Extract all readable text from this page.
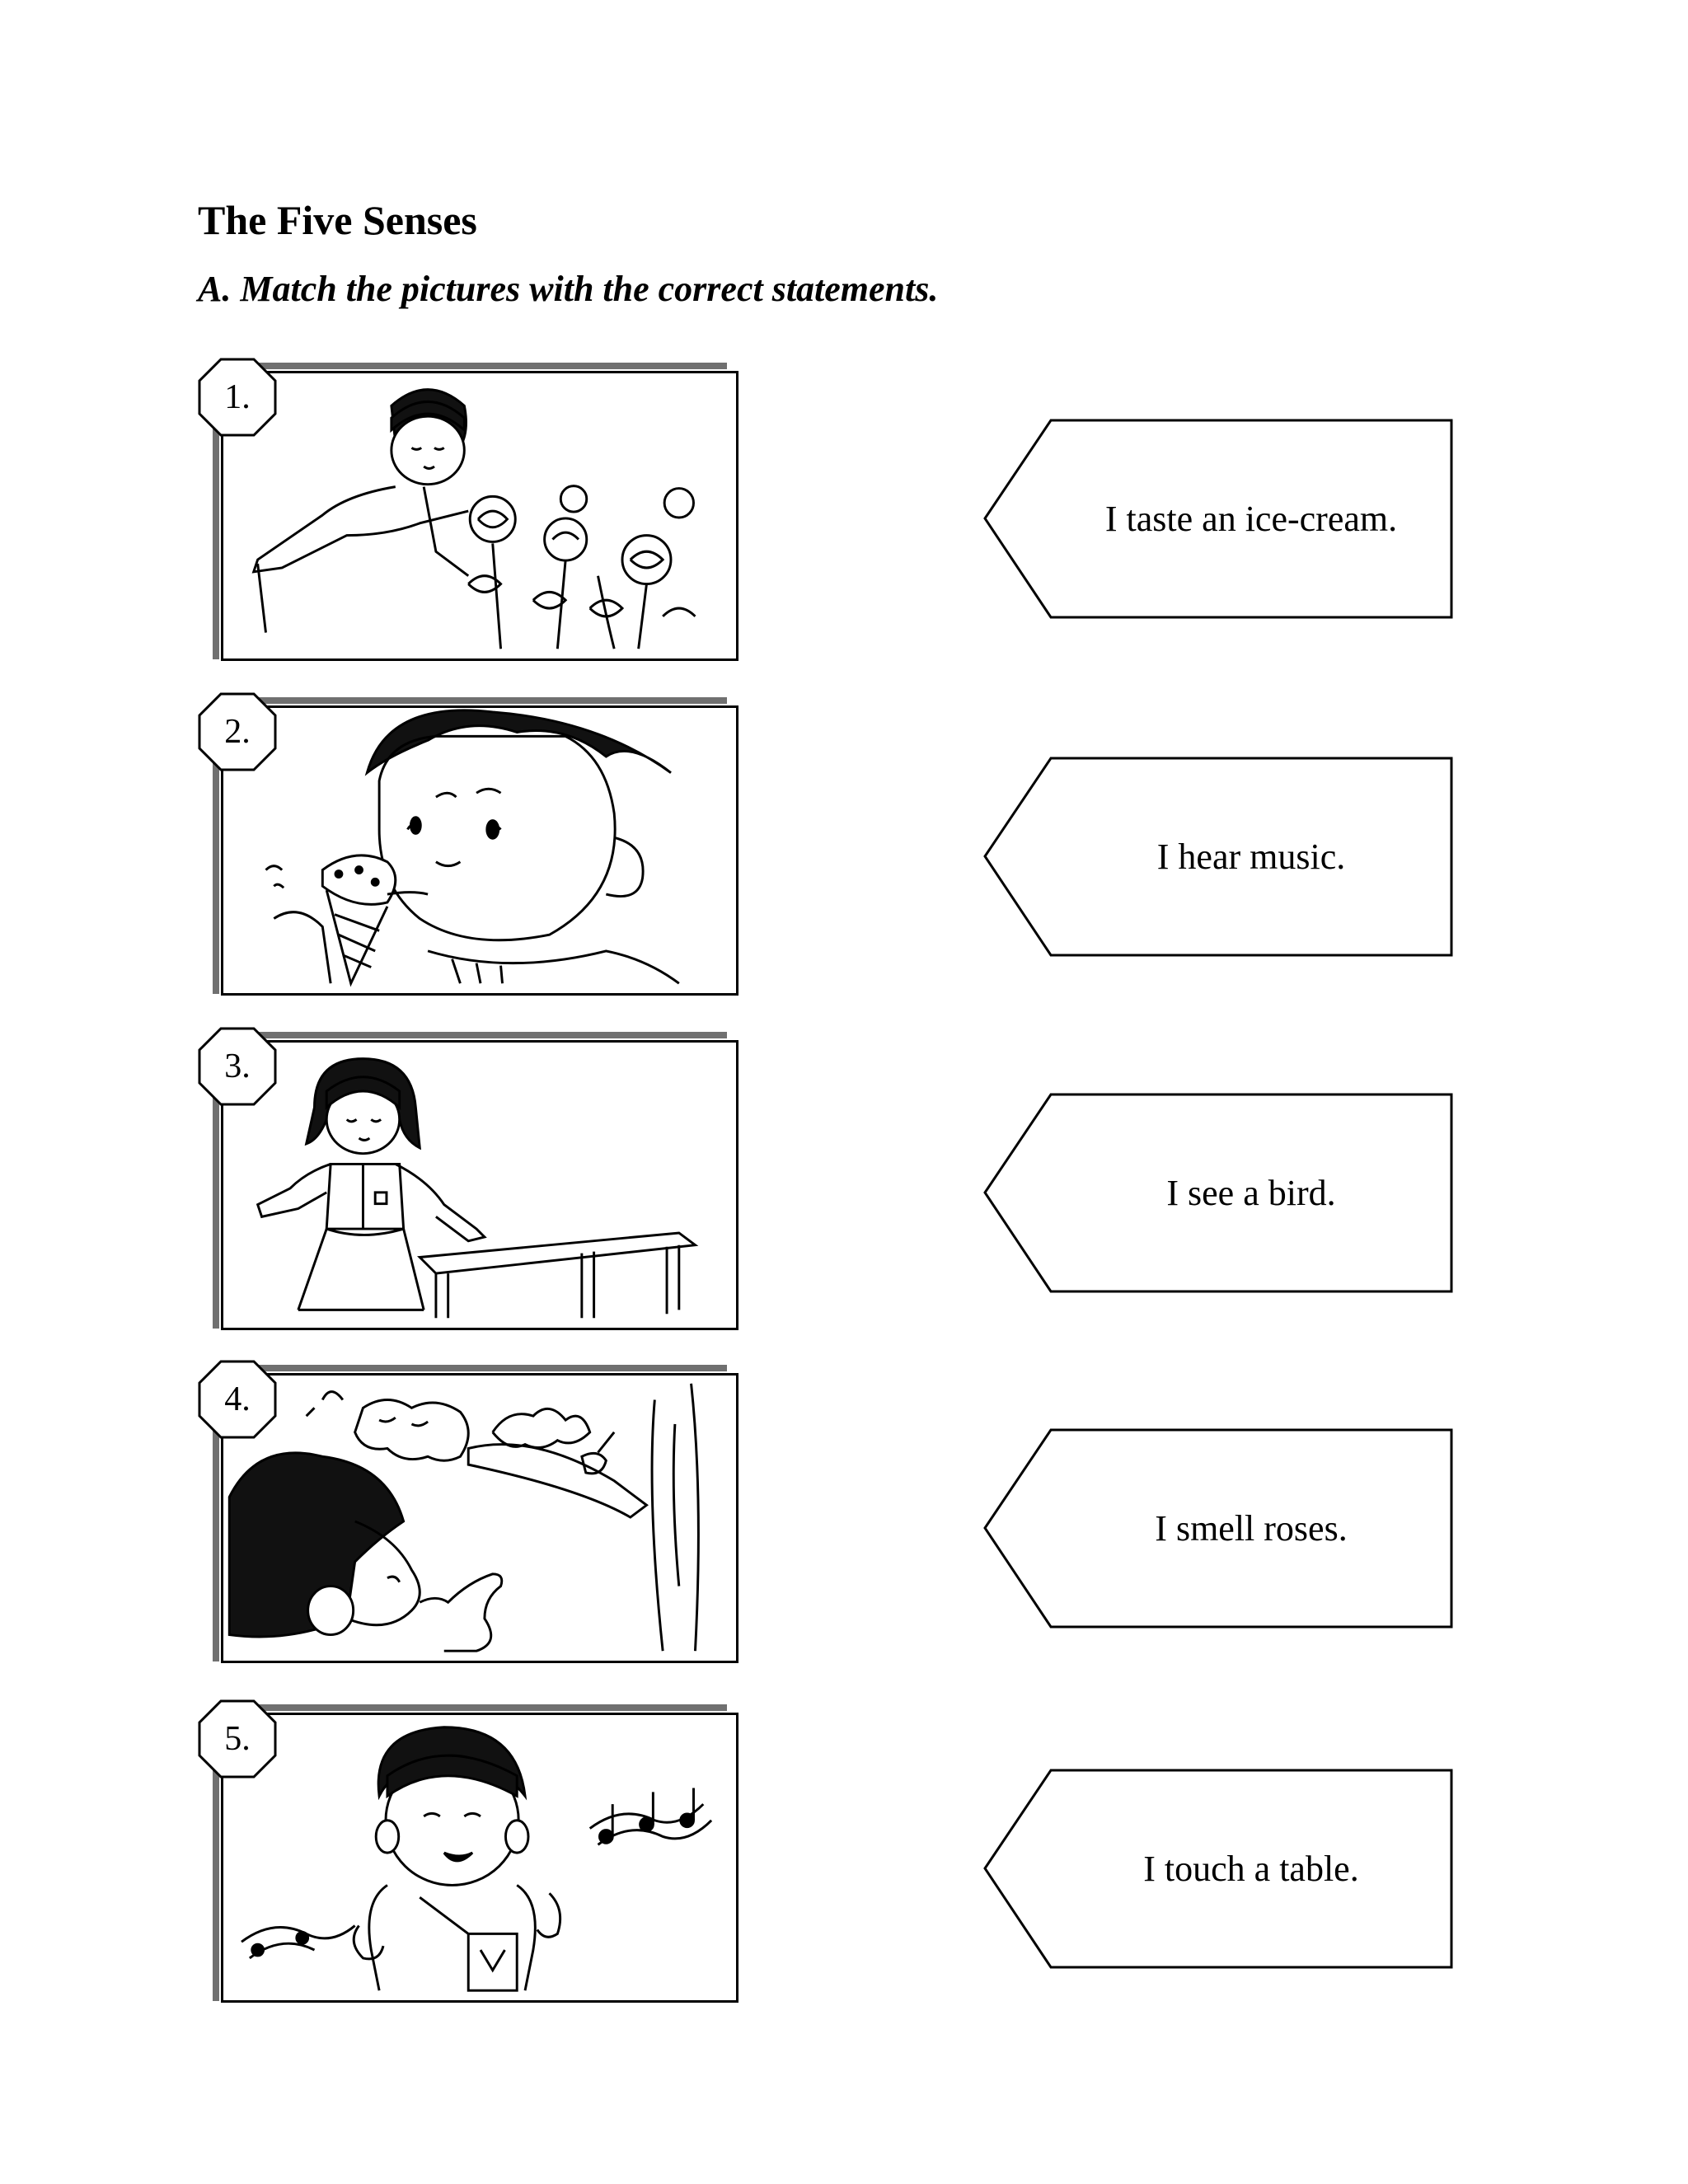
The Five Senses

A. Match the pictures with the correct statements.

1.
2.
3.
4.
5.
I taste an ice-cream.
I hear music.
I see a bird.
I smell roses.
I touch a table.
